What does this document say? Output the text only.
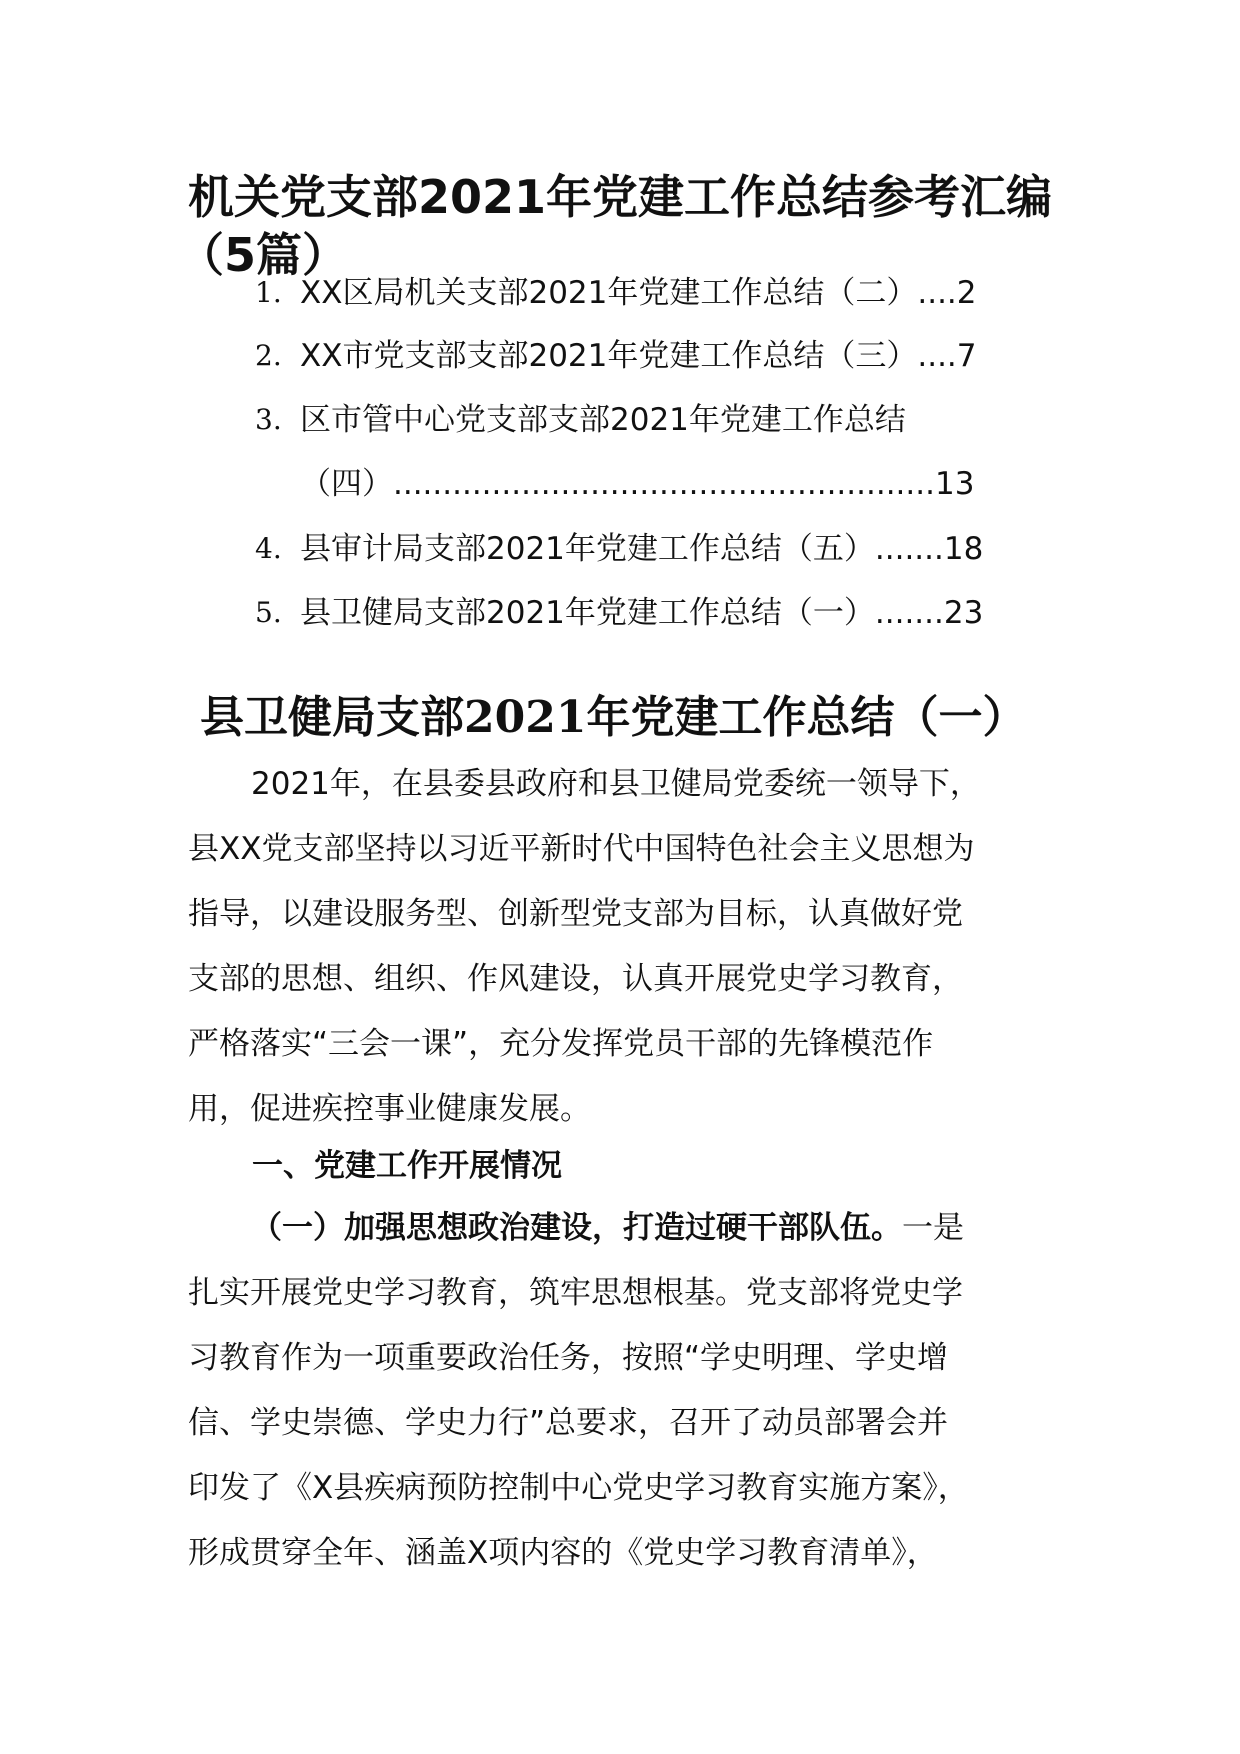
机关党支部2021年党建工作总结参考汇编
（5篇）
1. XX区局机关支部2021年党建工作总结（二）....2
2. XX市党支部支部2021年党建工作总结（三）....7
3. 区市管中心党支部支部2021年党建工作总结
（四）.......................................................13
4. 县审计局支部2021年党建工作总结（五）.......18
5. 县卫健局支部2021年党建工作总结（一）.......23
县卫健局支部2021年党建工作总结（一）
2021年，在县委县政府和县卫健局党委统一领导下，
县XX党支部坚持以习近平新时代中国特色社会主义思想为
指导，以建设服务型、创新型党支部为目标，认真做好党
支部的思想、组织、作风建设，认真开展党史学习教育，
严格落实“三会一课”，充分发挥党员干部的先锋模范作
用，促进疾控事业健康发展。
一、党建工作开展情况
（一）加强思想政治建设，打造过硬干部队伍。一是
扎实开展党史学习教育，筑牢思想根基。党支部将党史学
习教育作为一项重要政治任务，按照“学史明理、学史增
信、学史崇德、学史力行”总要求，召开了动员部署会并
印发了《X县疾病预防控制中心党史学习教育实施方案》，
形成贯穿全年、涵盖X项内容的《党史学习教育清单》，
